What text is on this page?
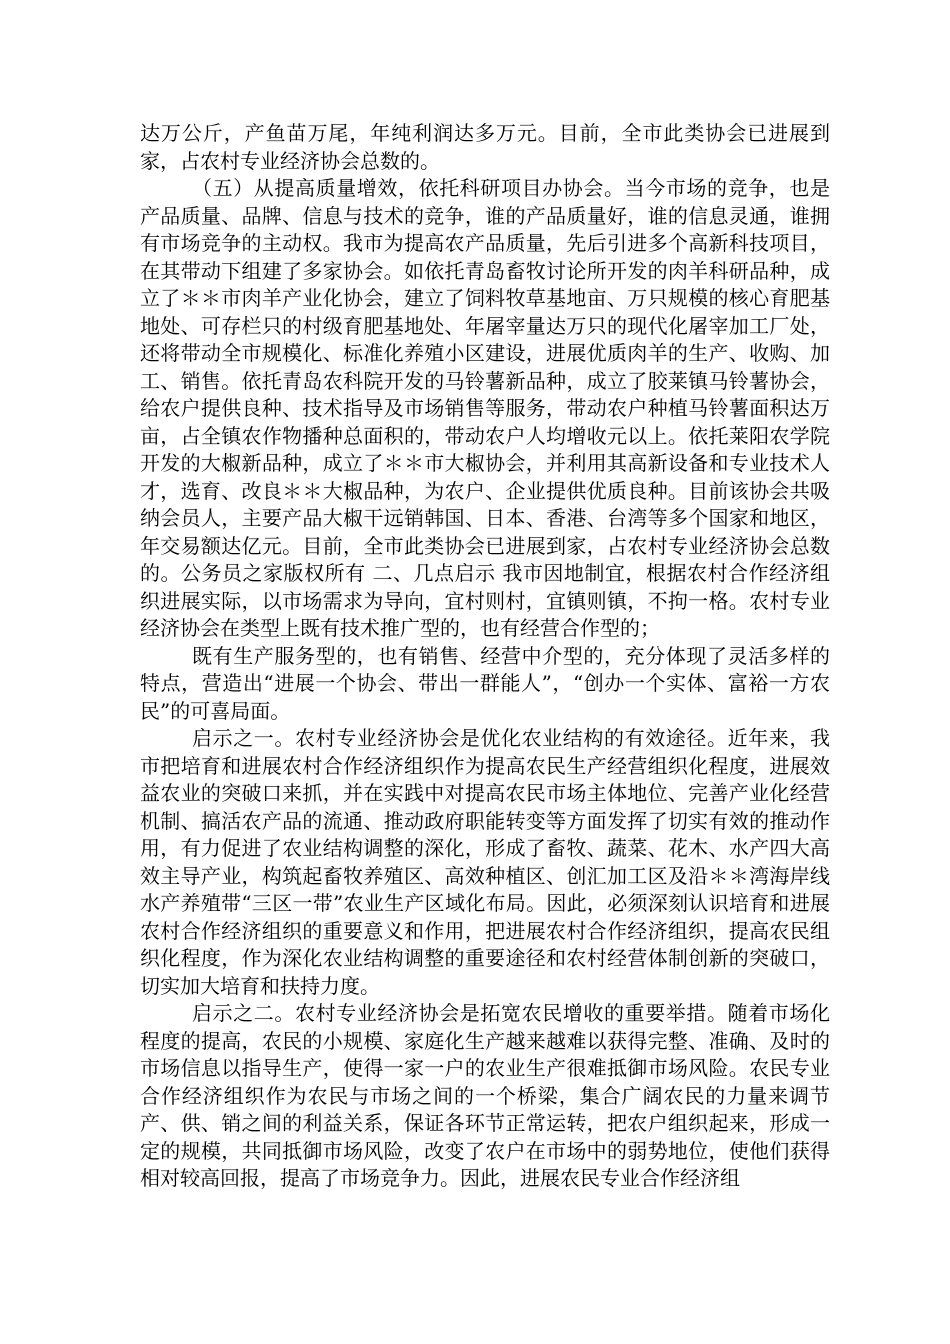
达万公斤，产鱼苗万尾，年纯利润达多万元。目前，全市此类协会已进展到家，占农村专业经济协会总数的。

（五）从提高质量增效，依托科研项目办协会。当今市场的竞争，也是产品质量、品牌、信息与技术的竞争，谁的产品质量好，谁的信息灵通，谁拥有市场竞争的主动权。我市为提高农产品质量，先后引进多个高新科技项目，在其带动下组建了多家协会。如依托青岛畜牧讨论所开发的肉羊科研品种，成立了＊＊市肉羊产业化协会，建立了饲料牧草基地亩、万只规模的核心育肥基地处、可存栏只的村级育肥基地处、年屠宰量达万只的现代化屠宰加工厂处，还将带动全市规模化、标准化养殖小区建设，进展优质肉羊的生产、收购、加工、销售。依托青岛农科院开发的马铃薯新品种，成立了胶莱镇马铃薯协会，给农户提供良种、技术指导及市场销售等服务，带动农户种植马铃薯面积达万亩，占全镇农作物播种总面积的，带动农户人均增收元以上。依托莱阳农学院开发的大椒新品种，成立了＊＊市大椒协会，并利用其高新设备和专业技术人才，选育、改良＊＊大椒品种，为农户、企业提供优质良种。目前该协会共吸纳会员人，主要产品大椒干远销韩国、日本、香港、台湾等多个国家和地区，年交易额达亿元。目前，全市此类协会已进展到家，占农村专业经济协会总数的。公务员之家版权所有 二、几点启示 我市因地制宜，根据农村合作经济组织进展实际，以市场需求为导向，宜村则村，宜镇则镇，不拘一格。农村专业经济协会在类型上既有技术推广型的，也有经营合作型的；

既有生产服务型的，也有销售、经营中介型的，充分体现了灵活多样的特点，营造出“进展一个协会、带出一群能人”，“创办一个实体、富裕一方农民”的可喜局面。

启示之一。农村专业经济协会是优化农业结构的有效途径。近年来，我市把培育和进展农村合作经济组织作为提高农民生产经营组织化程度，进展效益农业的突破口来抓，并在实践中对提高农民市场主体地位、完善产业化经营机制、搞活农产品的流通、推动政府职能转变等方面发挥了切实有效的推动作用，有力促进了农业结构调整的深化，形成了畜牧、蔬菜、花木、水产四大高效主导产业，构筑起畜牧养殖区、高效种植区、创汇加工区及沿＊＊湾海岸线水产养殖带“三区一带”农业生产区域化布局。因此，必须深刻认识培育和进展农村合作经济组织的重要意义和作用，把进展农村合作经济组织，提高农民组织化程度，作为深化农业结构调整的重要途径和农村经营体制创新的突破口，切实加大培育和扶持力度。

启示之二。农村专业经济协会是拓宽农民增收的重要举措。随着市场化程度的提高，农民的小规模、家庭化生产越来越难以获得完整、准确、及时的市场信息以指导生产，使得一家一户的农业生产很难抵御市场风险。农民专业合作经济组织作为农民与市场之间的一个桥梁，集合广阔农民的力量来调节产、供、销之间的利益关系，保证各环节正常运转，把农户组织起来，形成一定的规模，共同抵御市场风险，改变了农户在市场中的弱势地位，使他们获得相对较高回报，提高了市场竞争力。因此，进展农民专业合作经济组
